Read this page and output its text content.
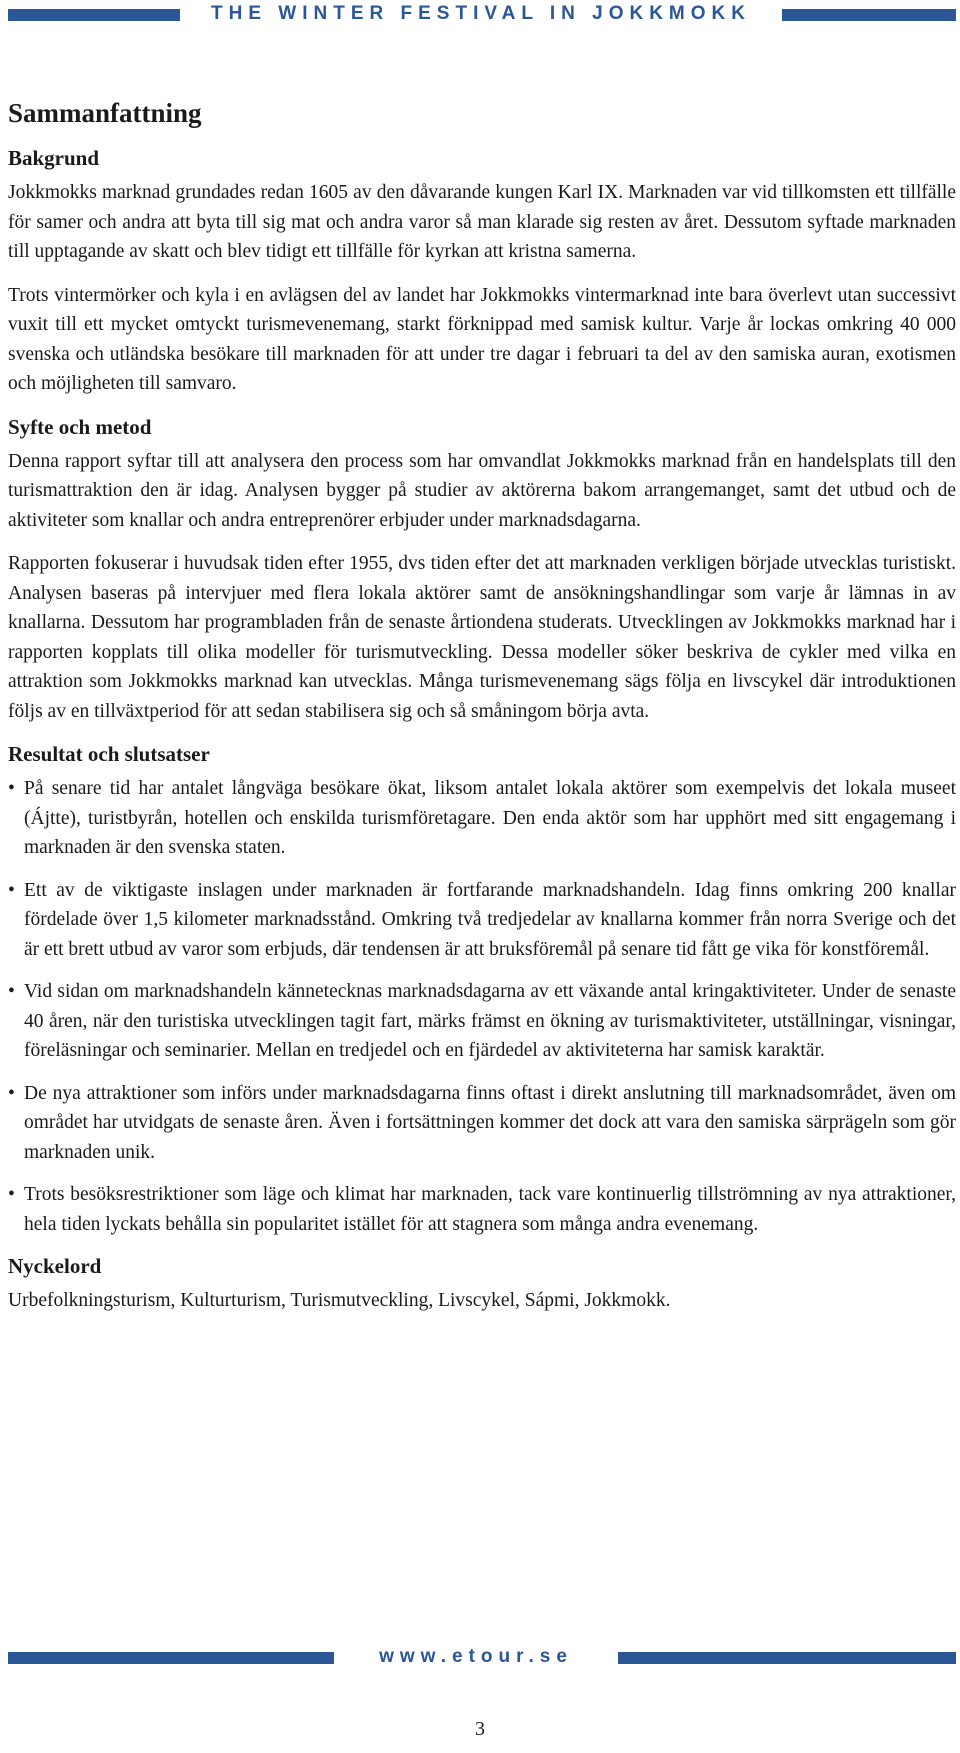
THE WINTER FESTIVAL IN JOKKMOKK
Sammanfattning
Bakgrund

Jokkmokks marknad grundades redan 1605 av den dåvarande kungen Karl IX. Marknaden var vid tillkomsten ett tillfälle för samer och andra att byta till sig mat och andra varor så man klarade sig resten av året. Dessutom syftade marknaden till upptagande av skatt och blev tidigt ett tillfälle för kyrkan att kristna samerna.

Trots vintermörker och kyla i en avlägsen del av landet har Jokkmokks vintermarknad inte bara överlevt utan successivt vuxit till ett mycket omtyckt turismevenemang, starkt förknippad med samisk kultur. Varje år lockas omkring 40 000 svenska och utländska besökare till marknaden för att under tre dagar i februari ta del av den samiska auran, exotismen och möjligheten till samvaro.

Syfte och metod

Denna rapport syftar till att analysera den process som har omvandlat Jokkmokks marknad från en handelsplats till den turismattraktion den är idag. Analysen bygger på studier av aktörerna bakom arrangemanget, samt det utbud och de aktiviteter som knallar och andra entreprenörer erbjuder under marknadsdagarna.

Rapporten fokuserar i huvudsak tiden efter 1955, dvs tiden efter det att marknaden verkligen började utvecklas turistiskt. Analysen baseras på intervjuer med flera lokala aktörer samt de ansökningshandlingar som varje år lämnas in av knallarna. Dessutom har programbladen från de senaste årtiondena studerats. Utvecklingen av Jokkmokks marknad har i rapporten kopplats till olika modeller för turismutveckling. Dessa modeller söker beskriva de cykler med vilka en attraktion som Jokkmokks marknad kan utvecklas. Många turismevenemang sägs följa en livscykel där introduktionen följs av en tillväxtperiod för att sedan stabilisera sig och så småningom börja avta.

Resultat och slutsatser
• På senare tid har antalet långväga besökare ökat, liksom antalet lokala aktörer som exempelvis det lokala museet (Ájtte), turistbyrån, hotellen och enskilda turismföretagare. Den enda aktör som har upphört med sitt engagemang i marknaden är den svenska staten.
• Ett av de viktigaste inslagen under marknaden är fortfarande marknadshandeln. Idag finns omkring 200 knallar fördelade över 1,5 kilometer marknadsstånd. Omkring två tredjedelar av knallarna kommer från norra Sverige och det är ett brett utbud av varor som erbjuds, där tendensen är att bruksföremål på senare tid fått ge vika för konstföremål.
• Vid sidan om marknadshandeln kännetecknas marknadsdagarna av ett växande antal kringaktiviteter. Under de senaste 40 åren, när den turistiska utvecklingen tagit fart, märks främst en ökning av turismaktiviteter, utställningar, visningar, föreläsningar och seminarier. Mellan en tredjedel och en fjärdedel av aktiviteterna har samisk karaktär.
• De nya attraktioner som införs under marknadsdagarna finns oftast i direkt anslutning till marknadsområdet, även om området har utvidgats de senaste åren. Även i fortsättningen kommer det dock att vara den samiska särprägeln som gör marknaden unik.
• Trots besöksrestriktioner som läge och klimat har marknaden, tack vare kontinuerlig tillströmning av nya attraktioner, hela tiden lyckats behålla sin popularitet istället för att stagnera som många andra evenemang.
Nyckelord

Urbefolkningsturism, Kulturturism, Turismutveckling, Livscykel, Sápmi, Jokkmokk.

www.etour.se
3
